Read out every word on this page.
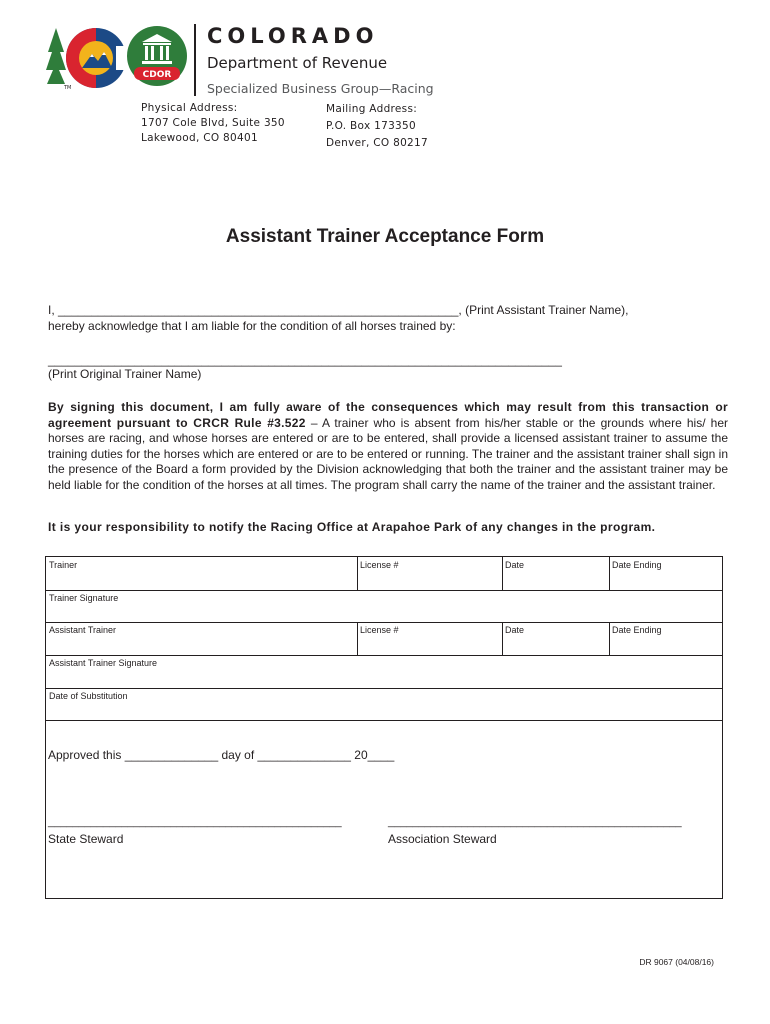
TM
CDOR
COLORADO
Department of Revenue
Specialized Business Group—Racing
Physical Address:
1707 Cole Blvd, Suite 350
Lakewood, CO 80401
Mailing Address:
P.O. Box 173350
Denver, CO 80217
Assistant Trainer Acceptance Form
I, ____________________________________________________________, (Print Assistant Trainer Name),
hereby acknowledge that I am liable for the condition of all horses trained by:
_____________________________________________________________________________
(Print Original Trainer Name)
By signing this document, I am fully aware of the consequences which may result from this transaction or agreement pursuant to CRCR Rule #3.522 – A trainer who is absent from his/her stable or the grounds where his/ her horses are racing, and whose horses are entered or are to be entered, shall provide a licensed assistant trainer to assume the training duties for the horses which are entered or are to be entered or running. The trainer and the assistant trainer shall sign in the presence of the Board a form provided by the Division acknowledging that both the trainer and the assistant trainer may be held liable for the condition of the horses at all times. The program shall carry the name of the trainer and the assistant trainer.
It is your responsibility to notify the Racing Office at Arapahoe Park of any changes in the program.
Trainer	License #	Date	Date Ending
Trainer Signature
Assistant Trainer	License #	Date	Date Ending
Assistant Trainer Signature
Date of Substitution
Approved this ______________ day of ______________ 20____
________________________________________________	________________________________________________
State Steward	Association Steward
DR 9067 (04/08/16)
